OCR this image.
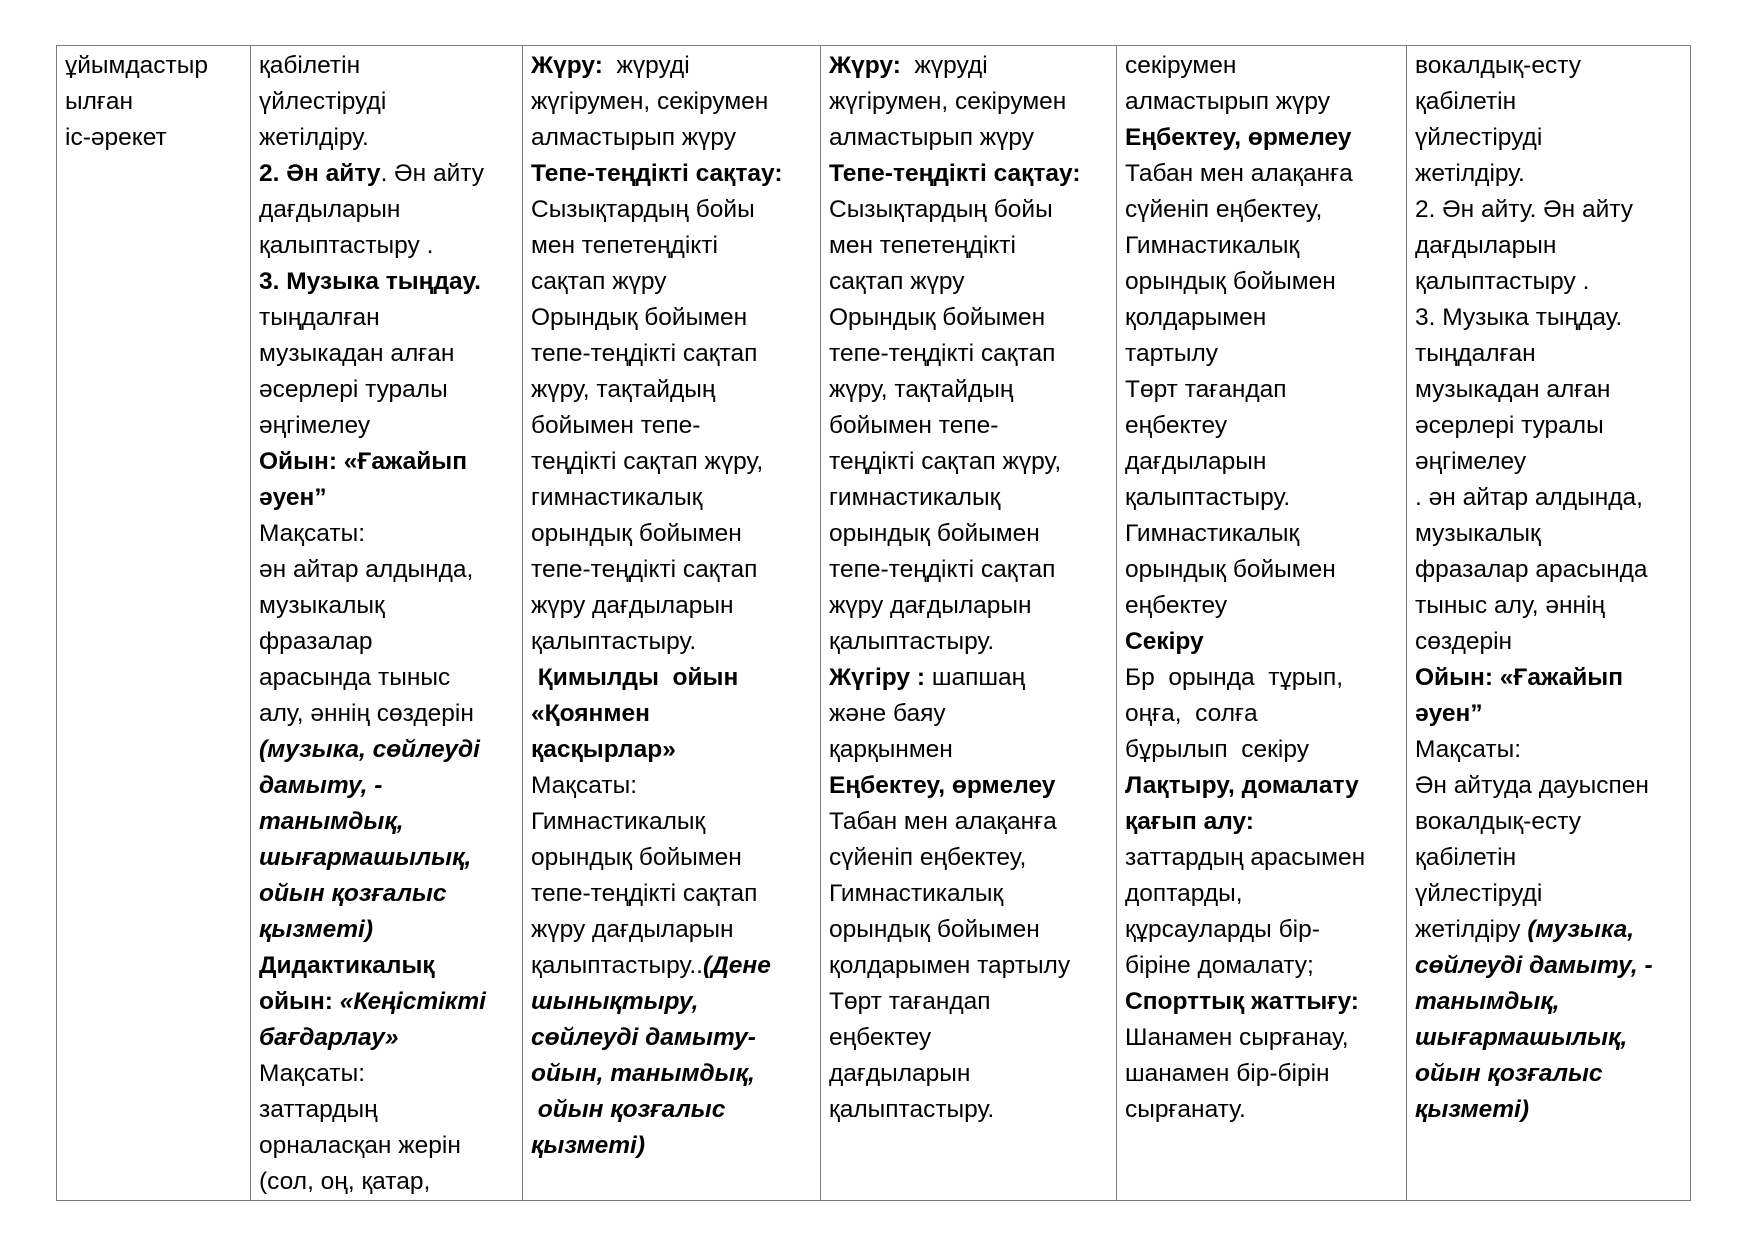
ұйымдастыр
ылған
іс-әрекет

қабілетін
үйлестіруді
жетілдіру.
2. Ән айту. Ән айту
дағдыларын
қалыптастыру .
3. Музыка тыңдау.
тыңдалған
музыкадан алған
әсерлері туралы
әңгімелеу
Ойын: «Ғажайып
әуен”
Мақсаты:
ән айтар алдында,
музыкалық
фразалар
арасында тыныс
алу, әннің сөздерін
(музыка, сөйлеуді
дамыту, -
танымдық,
шығармашылық,
ойын қозғалыс
қызметі)
Дидактикалық
ойын: «Кеңістікті
бағдарлау»
Мақсаты:
заттардың
орналасқан жерін
(сол, оң, қатар,

Жүру:  жүруді
жүгірумен, секірумен
алмастырып жүру
Тепе-теңдікті сақтау:
Сызықтардың бойы
мен тепетеңдікті
сақтап жүру
Орындық бойымен
тепе-теңдікті сақтап
жүру, тақтайдың
бойымен тепе-
теңдікті сақтап жүру,
гимнастикалық
орындық бойымен
тепе-теңдікті сақтап
жүру дағдыларын
қалыптастыру.
Қимылды  ойын
«Қоянмен
қасқырлар»
Мақсаты:
Гимнастикалық
орындық бойымен
тепе-теңдікті сақтап
жүру дағдыларын
қалыптастыру..(Дене
шынықтыру,
сөйлеуді дамыту-
ойын, танымдық,
ойын қозғалыс
қызметі)

Жүру:  жүруді
жүгірумен, секірумен
алмастырып жүру
Тепе-теңдікті сақтау:
Сызықтардың бойы
мен тепетеңдікті
сақтап жүру
Орындық бойымен
тепе-теңдікті сақтап
жүру, тақтайдың
бойымен тепе-
теңдікті сақтап жүру,
гимнастикалық
орындық бойымен
тепе-теңдікті сақтап
жүру дағдыларын
қалыптастыру.
Жүгіру : шапшаң
және баяу
қарқынмен
Еңбектеу, өрмелеу
Табан мен алақанға
сүйеніп еңбектеу,
Гимнастикалық
орындық бойымен
қолдарымен тартылу
Төрт тағандап
еңбектеу
дағдыларын
қалыптастыру.

секірумен
алмастырып жүру
Еңбектеу, өрмелеу
Табан мен алақанға
сүйеніп еңбектеу,
Гимнастикалық
орындық бойымен
қолдарымен
тартылу
Төрт тағандап
еңбектеу
дағдыларын
қалыптастыру.
Гимнастикалық
орындық бойымен
еңбектеу
Секіру
Бр  орында  тұрып,
оңға,  солға
бұрылып  секіру
Лақтыру, домалату
қағып алу:
заттардың арасымен
доптарды,
құрсауларды бір-
біріне домалату;
Спорттық жаттығу:
Шанамен сырғанау,
шанамен бір-бірін
сырғанату.

вокалдық-есту
қабілетін
үйлестіруді
жетілдіру.
2. Ән айту. Ән айту
дағдыларын
қалыптастыру .
3. Музыка тыңдау.
тыңдалған
музыкадан алған
әсерлері туралы
әңгімелеу
. ән айтар алдында,
музыкалық
фразалар арасында
тыныс алу, әннің
сөздерін
Ойын: «Ғажайып
әуен”
Мақсаты:
Ән айтуда дауыспен
вокалдық-есту
қабілетін
үйлестіруді
жетілдіру (музыка,
сөйлеуді дамыту, -
танымдық,
шығармашылық,
ойын қозғалыс
қызметі)
